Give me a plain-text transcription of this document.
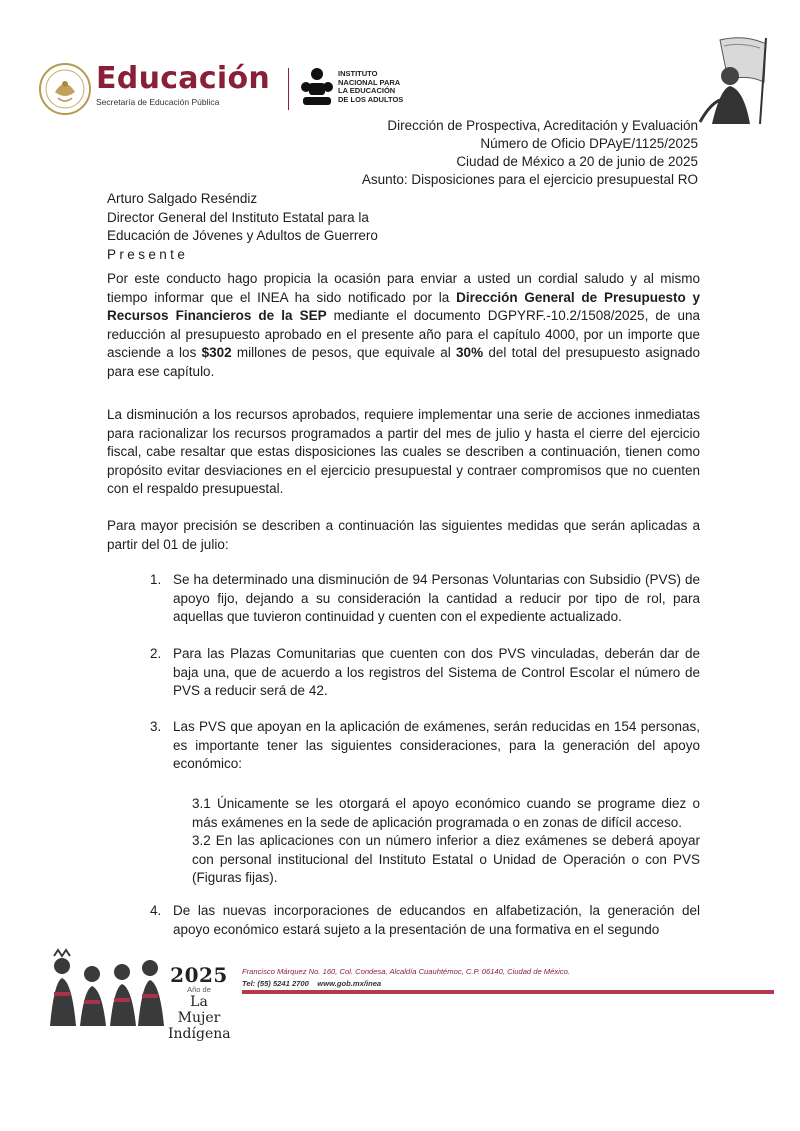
Educación
Secretaría de Educación Pública
INSTITUTO
NACIONAL PARA
LA EDUCACIÓN
DE LOS ADULTOS
Dirección de Prospectiva, Acreditación y Evaluación
Número de Oficio DPAyE/1125/2025
Ciudad de México a 20 de junio de 2025
Asunto: Disposiciones para el ejercicio presupuestal RO
Arturo Salgado Reséndiz
Director General del Instituto Estatal para la
Educación de Jóvenes y Adultos de Guerrero
Presente
Por este conducto hago propicia la ocasión para enviar a usted un cordial saludo y al mismo tiempo informar que el INEA ha sido notificado por la Dirección General de Presupuesto y Recursos Financieros de la SEP mediante el documento DGPYRF.-10.2/1508/2025, de una reducción al presupuesto aprobado en el presente año para el capítulo 4000, por un importe que asciende a los $302 millones de pesos, que equivale al 30% del total del presupuesto asignado para ese capítulo.
La disminución a los recursos aprobados, requiere implementar una serie de acciones inmediatas para racionalizar los recursos programados a partir del mes de julio y hasta el cierre del ejercicio fiscal, cabe resaltar que estas disposiciones las cuales se describen a continuación, tienen como propósito evitar desviaciones en el ejercicio presupuestal y contraer compromisos que no cuenten con el respaldo presupuestal.
Para mayor precisión se describen a continuación las siguientes medidas que serán aplicadas a partir del 01 de julio:
1. Se ha determinado una disminución de 94 Personas Voluntarias con Subsidio (PVS) de apoyo fijo, dejando a su consideración la cantidad a reducir por tipo de rol, para aquellas que tuvieron continuidad y cuenten con el expediente actualizado.
2. Para las Plazas Comunitarias que cuenten con dos PVS vinculadas, deberán dar de baja una, que de acuerdo a los registros del Sistema de Control Escolar el número de PVS a reducir será de 42.
3. Las PVS que apoyan en la aplicación de exámenes, serán reducidas en 154 personas, es importante tener las siguientes consideraciones, para la generación del apoyo económico:
4. De las nuevas incorporaciones de educandos en alfabetización, la generación del apoyo económico estará sujeto a la presentación de una formativa en el segundo
3.1 Únicamente se les otorgará el apoyo económico cuando se programe diez o más exámenes en la sede de aplicación programada o en zonas de difícil acceso.
3.2 En las aplicaciones con un número inferior a diez exámenes se deberá apoyar con personal institucional del Instituto Estatal o Unidad de Operación o con PVS (Figuras fijas).
2025
Año de
La Mujer
Indígena
Francisco Márquez No. 160, Col. Condesa, Alcaldía Cuauhtémoc, C.P. 06140, Ciudad de México.
Tel: (55) 5241 2700 www.gob.mx/inea
